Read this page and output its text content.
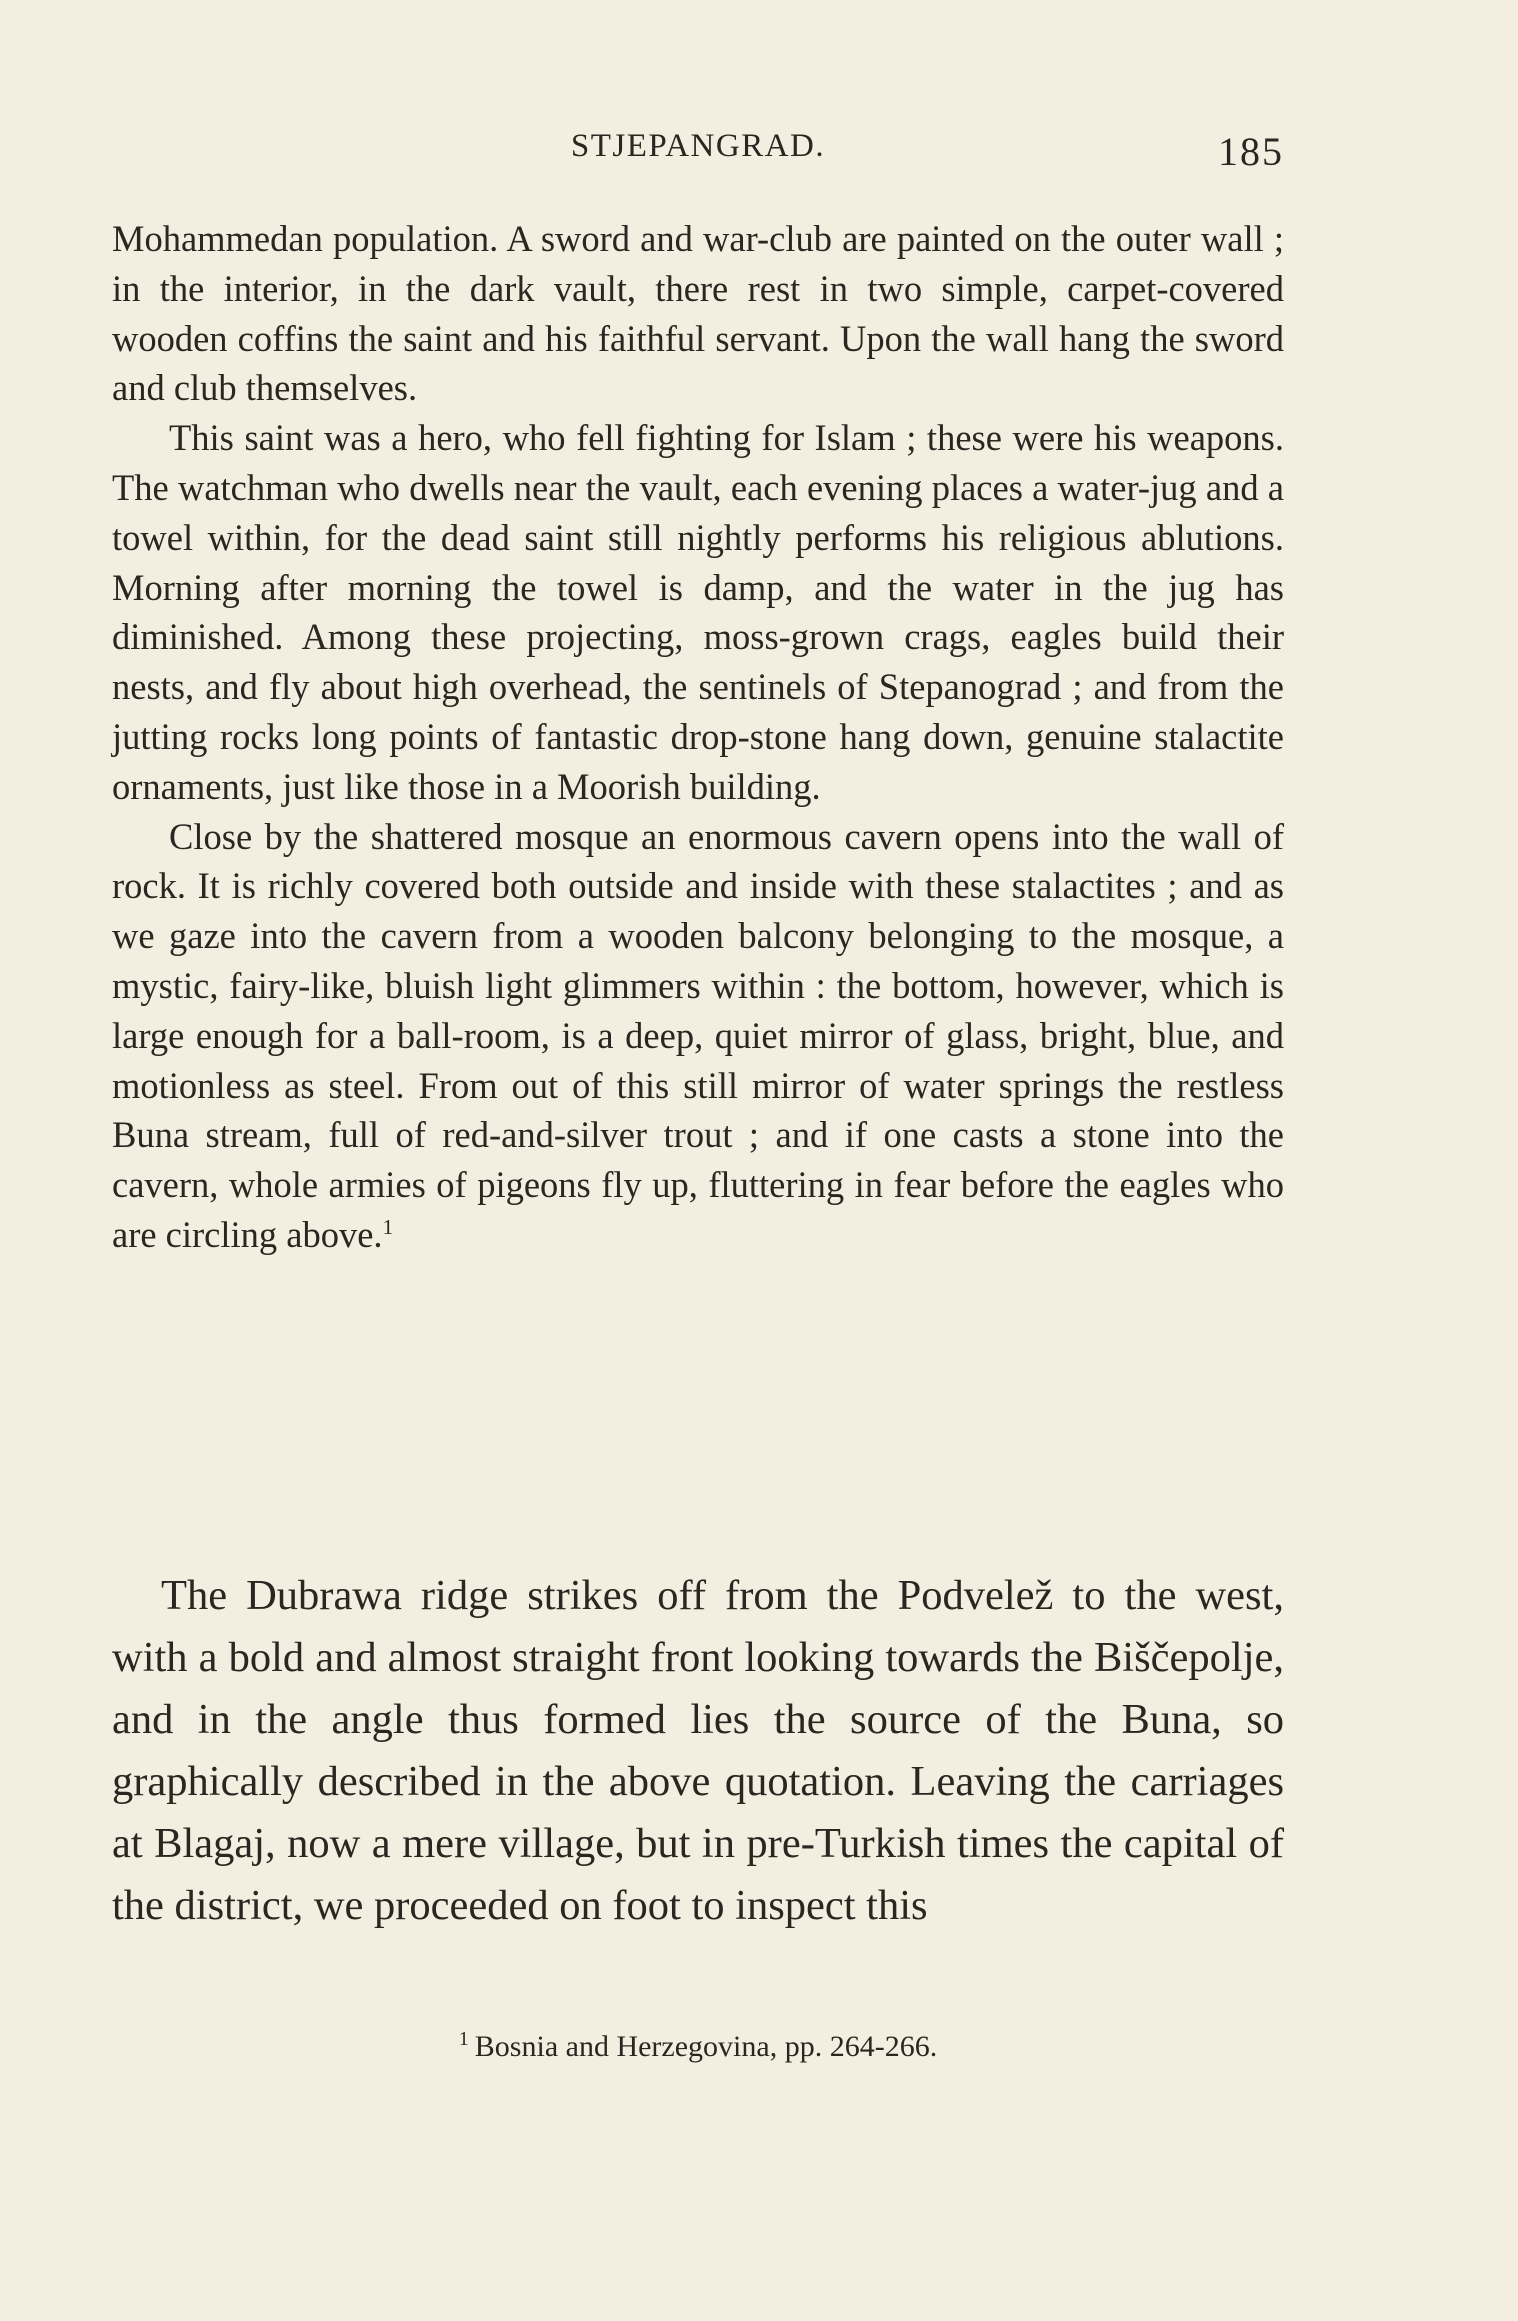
STJEPANGRAD.	185

Mohammedan population. A sword and war-club are painted on the outer wall ; in the interior, in the dark vault, there rest in two simple, carpet-covered wooden coffins the saint and his faithful servant. Upon the wall hang the sword and club themselves.

This saint was a hero, who fell fighting for Islam ; these were his weapons. The watchman who dwells near the vault, each evening places a water-jug and a towel within, for the dead saint still nightly performs his religious ablutions. Morning after morning the towel is damp, and the water in the jug has diminished. Among these projecting, moss-grown crags, eagles build their nests, and fly about high overhead, the sentinels of Stepanograd ; and from the jutting rocks long points of fantastic drop-stone hang down, genuine stalactite ornaments, just like those in a Moorish building.

Close by the shattered mosque an enormous cavern opens into the wall of rock. It is richly covered both outside and inside with these stalactites ; and as we gaze into the cavern from a wooden balcony belonging to the mosque, a mystic, fairy-like, bluish light glimmers within : the bottom, however, which is large enough for a ball-room, is a deep, quiet mirror of glass, bright, blue, and motionless as steel. From out of this still mirror of water springs the restless Buna stream, full of red-and-silver trout ; and if one casts a stone into the cavern, whole armies of pigeons fly up, fluttering in fear before the eagles who are circling above.$^1$

The Dubrawa ridge strikes off from the Podvelež to the west, with a bold and almost straight front looking towards the Biščepolje, and in the angle thus formed lies the source of the Buna, so graphically described in the above quotation. Leaving the carriages at Blagaj, now a mere village, but in pre-Turkish times the capital of the district, we proceeded on foot to inspect this

$^1$ Bosnia and Herzegovina, pp. 264-266.
